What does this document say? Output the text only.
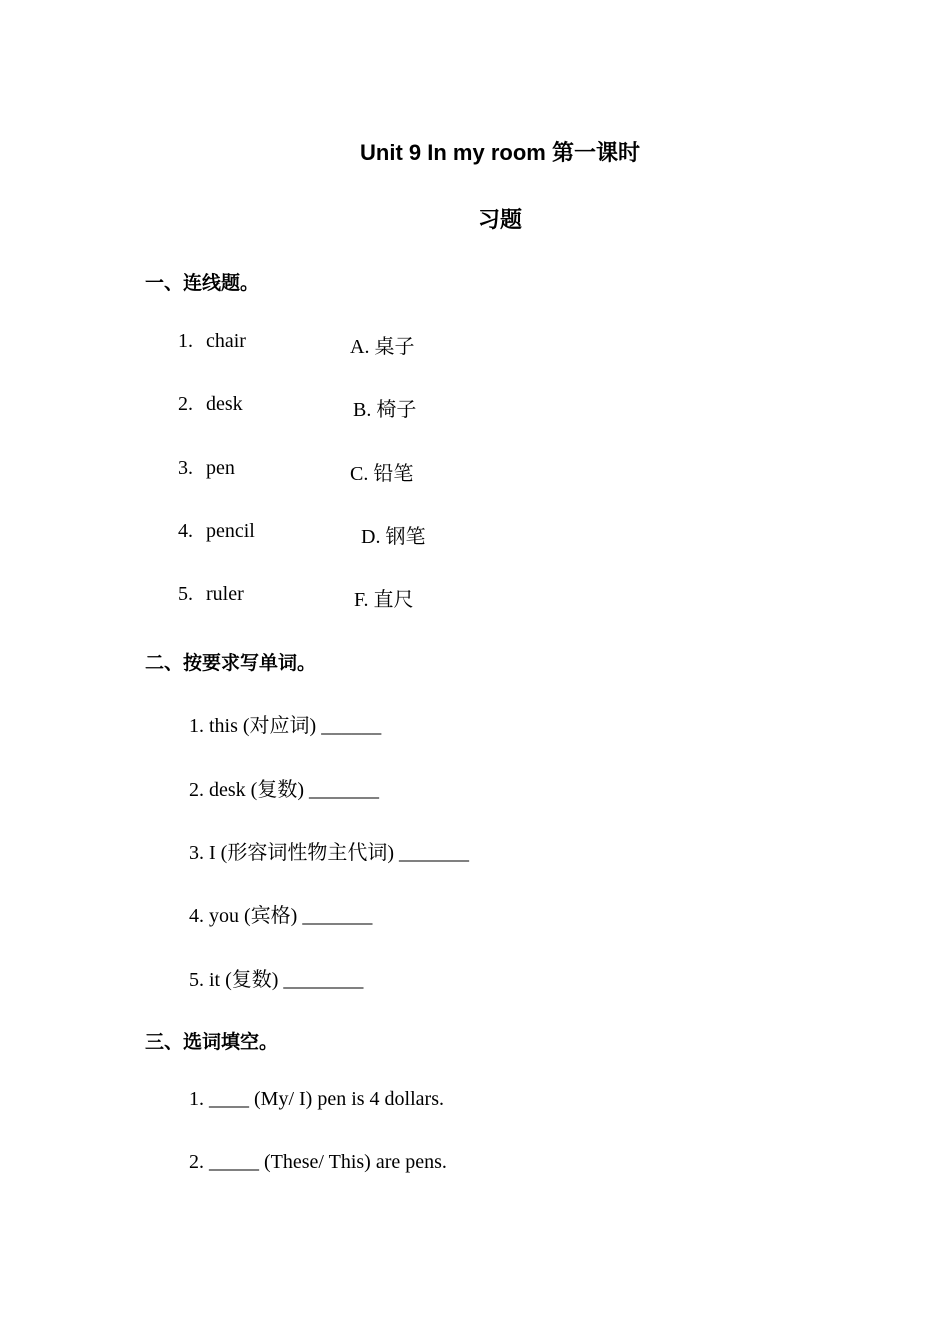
Unit 9 In my room 第一课时
习题
一、连线题。
1. chair	A. 桌子
2. desk	B. 椅子
3. pen	C. 铅笔
4. pencil	D. 钢笔
5. ruler	F. 直尺
二、按要求写单词。
1. this (对应词) ______
2. desk (复数) _______
3. I (形容词性物主代词) _______
4. you (宾格) _______
5. it (复数) ________
三、选词填空。
1. ____ (My/ I) pen is 4 dollars.
2. _____ (These/ This) are pens.
